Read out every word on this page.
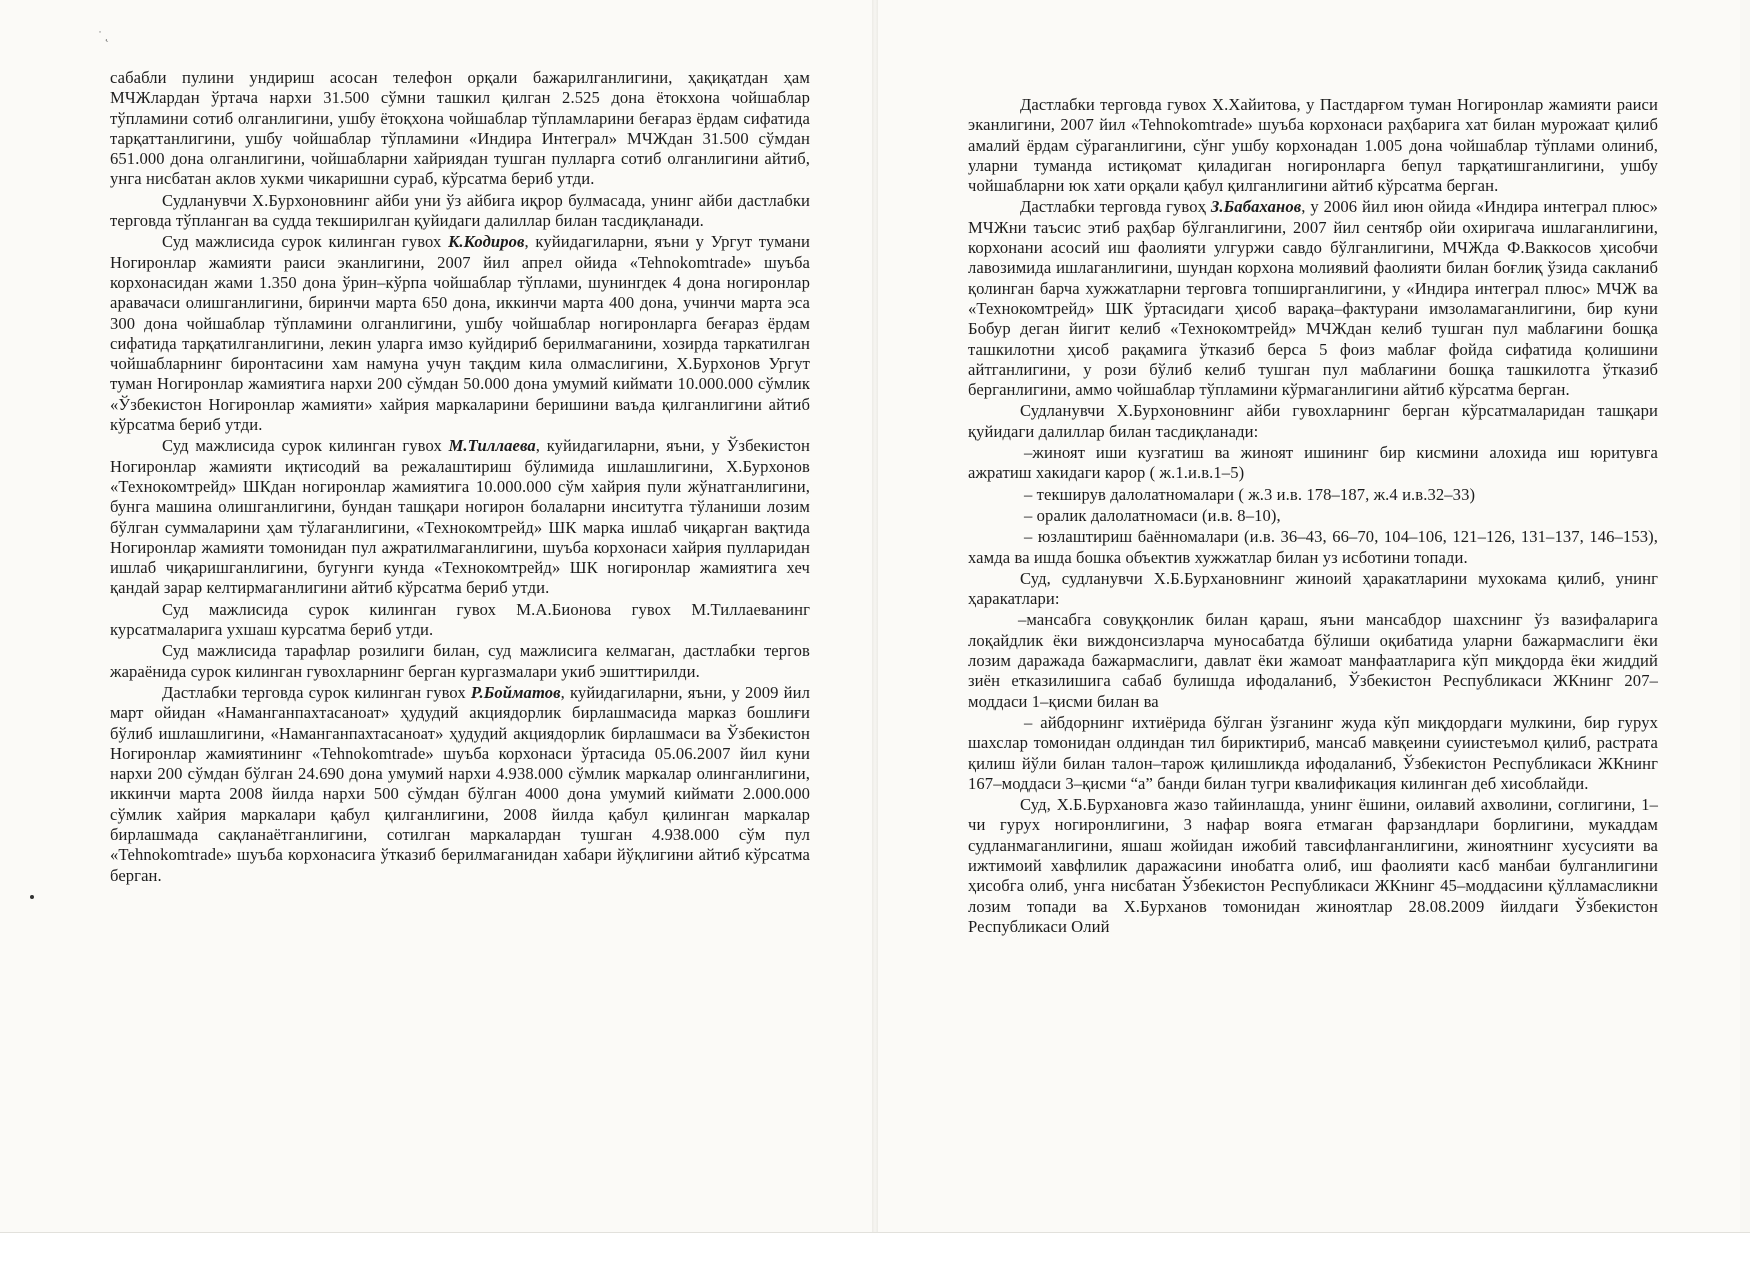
˙ ˛

сабабли пулини ундириш асосан телефон орқали бажарилганлигини, ҳақиқатдан ҳам МЧЖлардан ўртача нархи 31.500 сўмни ташкил қилган 2.525 дона ётокхона чойшаблар тўпламини сотиб олганлигини, ушбу ётоқхона чойшаблар тўпламларини беғараз ёрдам сифатида тарқаттанлигини, ушбу чойшаблар тўпламини «Индира Интеграл» МЧЖдан 31.500 сўмдан 651.000 дона олганлигини, чойшабларни хайриядан тушган пулларга сотиб олганлигини айтиб, унга нисбатан аклов хукми чикаришни сураб, кўрсатма бериб утди.

Судланувчи Х.Бурхоновнинг айби уни ўз айбига иқрор булмасада, унинг айби дастлабки терговда тўпланган ва судда текширилган қуйидаги далиллар билан тасдиқланади.

Суд мажлисида сурок килинган гувох К.Кодиров, куйидагиларни, яъни у Ургут тумани Ногиронлар жамияти раиси эканлигини, 2007 йил апрел ойида «Tehnokomtrade» шуъба корхонасидан жами 1.350 дона ўрин–кўрпа чойшаблар тўплами, шунингдек 4 дона ногиронлар аравачаси олишганлигини, биринчи марта 650 дона, иккинчи марта 400 дона, учинчи марта эса 300 дона чойшаблар тўпламини олганлигини, ушбу чойшаблар ногиронларга беғараз ёрдам сифатида тарқатилганлигини, лекин уларга имзо куйдириб берилмаганини, хозирда таркатилган чойшабларнинг биронтасини хам намуна учун тақдим кила олмаслигини, Х.Бурхонов Ургут туман Ногиронлар жамиятига нархи 200 сўмдан 50.000 дона умумий киймати 10.000.000 сўмлик «Ўзбекистон Ногиронлар жамияти» хайрия маркаларини беришини ваъда қилганлигини айтиб кўрсатма бериб утди.

Суд мажлисида сурок килинган гувох М.Тиллаева, куйидагиларни, яъни, у Ўзбекистон Ногиронлар жамияти иқтисодий ва режалаштириш бўлимида ишлашлигини, Х.Бурхонов «Технокомтрейд» ШКдан ногиронлар жамиятига 10.000.000 сўм хайрия пули жўнатганлигини, бунга машина олишганлигини, бундан ташқари ногирон болаларни инситутга тўланиши лозим бўлган суммаларини ҳам тўлаганлигини, «Технокомтрейд» ШК марка ишлаб чиқарган вақтида Ногиронлар жамияти томонидан пул ажратилмаганлигини, шуъба корхонаси хайрия пулларидан ишлаб чиқаришганлигини, бугунги кунда «Технокомтрейд» ШК ногиронлар жамиятига хеч қандай зарар келтирмаганлигини айтиб кўрсатма бериб утди.

Суд мажлисида сурок килинган гувох М.А.Бионова гувох М.Тиллаеванинг курсатмаларига ухшаш курсатма бериб утди.

Суд мажлисида тарафлар розилиги билан, суд мажлисига келмаган, дастлабки тергов жараёнида сурок килинган гувохларнинг берган кургазмалари укиб эшиттирилди.

Дастлабки терговда сурок килинган гувох Р.Бойматов, куйидагиларни, яъни, у 2009 йил март ойидан «Наманганпахтасаноат» ҳудудий акциядорлик бирлашмасида марказ бошлиғи бўлиб ишлашлигини, «Наманганпахтасаноат» ҳудудий акциядорлик бирлашмаси ва Ўзбекистон Ногиронлар жамиятининг «Tehnokomtrade» шуъба корхонаси ўртасида 05.06.2007 йил куни нархи 200 сўмдан бўлган 24.690 дона умумий нархи 4.938.000 сўмлик маркалар олинганлигини, иккинчи марта 2008 йилда нархи 500 сўмдан бўлган 4000 дона умумий киймати 2.000.000 сўмлик хайрия маркалари қабул қилганлигини, 2008 йилда қабул қилинган маркалар бирлашмада сақланаётганлигини, сотилган маркалардан тушган 4.938.000 сўм пул «Tehnokomtrade» шуъба корхонасига ўтказиб берилмаганидан хабари йўқлигини айтиб кўрсатма берган.

Дастлабки терговда гувох Х.Хайитова, у Пастдарғом туман Ногиронлар жамияти раиси эканлигини, 2007 йил «Tehnokomtrade» шуъба корхонаси раҳбарига хат билан мурожаат қилиб амалий ёрдам сўраганлигини, сўнг ушбу корхонадан 1.005 дона чойшаблар тўплами олиниб, уларни туманда истиқомат қиладиган ногиронларга бепул тарқатишганлигини, ушбу чойшабларни юк хати орқали қабул қилганлигини айтиб кўрсатма берган.

Дастлабки терговда гувоҳ З.Бабаханов, у 2006 йил июн ойида «Индира интеграл плюс» МЧЖни таъсис этиб раҳбар бўлганлигини, 2007 йил сентябр ойи охиригача ишлаганлигини, корхонани асосий иш фаолияти улгуржи савдо бўлганлигини, МЧЖда Ф.Ваккосов ҳисобчи лавозимида ишлаганлигини, шундан корхона молиявий фаолияти билан боғлиқ ўзида сакланиб қолинган барча хужжатларни терговга топширганлигини, у «Индира интеграл плюс» МЧЖ ва «Технокомтрейд» ШК ўртасидаги ҳисоб варақа–фактурани имзоламаганлигини, бир куни Бобур деган йигит келиб «Технокомтрейд» МЧЖдан келиб тушган пул маблағини бошқа ташкилотни ҳисоб рақамига ўтказиб берса 5 фоиз маблағ фойда сифатида қолишини айтганлигини, у рози бўлиб келиб тушган пул маблағини бошқа ташкилотга ўтказиб берганлигини, аммо чойшаблар тўпламини кўрмаганлигини айтиб кўрсатма берган.

Судланувчи Х.Бурхоновнинг айби гувохларнинг берган кўрсатмаларидан ташқари қуйидаги далиллар билан тасдиқланади:

–жиноят иши кузгатиш ва жиноят ишининг бир кисмини алохида иш юритувга ажратиш хакидаги карор ( ж.1.и.в.1–5)

– текширув далолатномалари ( ж.3 и.в. 178–187, ж.4 и.в.32–33)

– оралик далолатномаси (и.в. 8–10),

– юзлаштириш баённомалари (и.в. 36–43, 66–70, 104–106, 121–126, 131–137, 146–153), хамда ва ишда бошка объектив хужжатлар билан уз исботини топади.

Суд, судланувчи Х.Б.Бурхановнинг жиноий ҳаракатларини мухокама қилиб, унинг ҳаракатлари:

–мансабга совуққонлик билан қараш, яъни мансабдор шахснинг ўз вазифаларига лоқайдлик ёки виждонсизларча муносабатда бўлиши оқибатида уларни бажармаслиги ёки лозим даражада бажармаслиги, давлат ёки жамоат манфаатларига кўп миқдорда ёки жиддий зиён етказилишига сабаб булишда ифодаланиб, Ўзбекистон Республикаси ЖКнинг 207–моддаси 1–қисми билан ва

– айбдорнинг ихтиёрида бўлган ўзганинг жуда кўп миқдордаги мулкини, бир гурух шахслар томонидан олдиндан тил бириктириб, мансаб мавқеини суиистеъмол қилиб, растрата қилиш йўли билан талон–тарож қилишликда ифодаланиб, Ўзбекистон Республикаси ЖКнинг 167–моддаси 3–қисми “а” банди билан тугри квалификация килинган деб хисоблайди.

Суд, Х.Б.Бурхановга жазо тайинлашда, унинг ёшини, оилавий ахволини, соглигини, 1–чи гурух ногиронлигини, 3 нафар вояга етмаган фарзандлари борлигини, мукаддам судланмаганлигини, яшаш жойидан ижобий тавсифланганлигини, жиноятнинг хусусияти ва ижтимоий хавфлилик даражасини инобатга олиб, иш фаолияти касб манбаи булганлигини ҳисобга олиб, унга нисбатан Ўзбекистон Республикаси ЖКнинг 45–моддасини қўлламасликни лозим топади ва Х.Бурханов томонидан жиноятлар 28.08.2009 йилдаги Ўзбекистон Республикаси Олий
